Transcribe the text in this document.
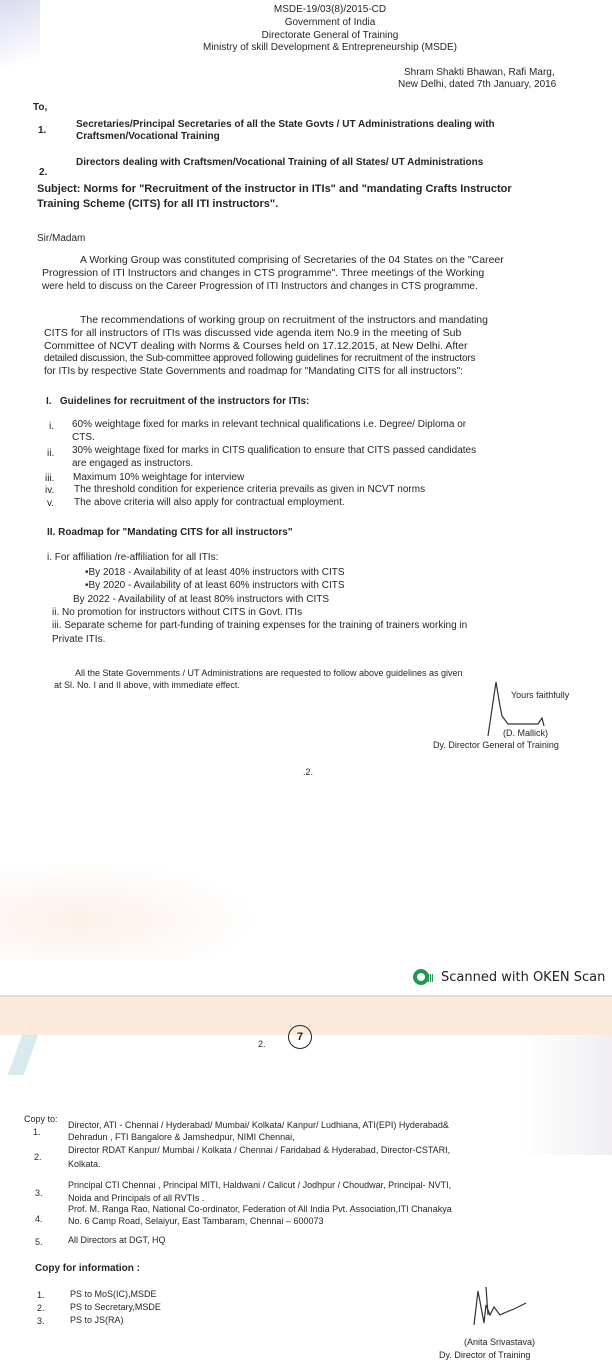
MSDE-19/03(8)/2015-CD
Government of India
Directorate General of Training
Ministry of skill Development & Entrepreneurship (MSDE)
Shram Shakti Bhawan, Rafi Marg,
New Delhi, dated 7th January, 2016
To,
1.
Secretaries/Principal Secretaries of all the State Govts / UT Administrations dealing with
Craftsmen/Vocational Training
2.
Directors dealing with Craftsmen/Vocational Training of all States/ UT Administrations
Subject: Norms for "Recruitment of the instructor in ITIs" and "mandating Crafts Instructor
Training Scheme (CITS) for all ITI instructors".
Sir/Madam
A Working Group was constituted comprising of Secretaries of the 04 States on the "Career
Progression of ITI Instructors and changes in CTS programme". Three meetings of the Working
were held to discuss on the Career Progression of ITI Instructors and changes in CTS programme.
The recommendations of working group on recruitment of the instructors and mandating
CITS for all instructors of ITIs was discussed vide agenda item No.9 in the meeting of Sub
Committee of NCVT dealing with Norms & Courses held on 17.12.2015, at New Delhi. After
detailed discussion, the Sub-committee approved following guidelines for recruitment of the instructors
for ITIs by respective State Governments and roadmap for "Mandating CITS for all instructors":
I.   Guidelines for recruitment of the instructors for ITIs:
i. 60% weightage fixed for marks in relevant technical qualifications i.e. Degree/ Diploma or
CTS.
ii. 30% weightage fixed for marks in CITS qualification to ensure that CITS passed candidates
are engaged as instructors.
iii. Maximum 10% weightage for interview
iv. The threshold condition for experience criteria prevails as given in NCVT norms
v. The above criteria will also apply for contractual employment.
II. Roadmap for "Mandating CITS for all instructors"
i. For affiliation /re-affiliation for all ITIs:
•By 2018 - Availability of at least 40% instructors with CITS
•By 2020 - Availability of at least 60% instructors with CITS
By 2022 - Availability of at least 80% instructors with CITS
ii. No promotion for instructors without CITS in Govt. ITIs
iii. Separate scheme for part-funding of training expenses for the training of trainers working in
Private ITIs.
All the State Governments / UT Administrations are requested to follow above guidelines as given
at Sl. No. I and II above, with immediate effect.
Yours faithfully
(D. Mallick)
Dy. Director General of Training
.2.
Scanned with OKEN Scan
2.
7
Copy to:
1.
Director, ATI - Chennai / Hyderabad/ Mumbai/ Kolkata/ Kanpur/ Ludhiana, ATI(EPI) Hyderabad&
Dehradun , FTI Bangalore & Jamshedpur, NIMI Chennai,
2.
Director RDAT Kanpur/ Mumbai / Kolkata / Chennai / Faridabad & Hyderabad, Director-CSTARI,
Kolkata.
3.
Principal CTI Chennai , Principal MITI, Haldwani / Calicut / Jodhpur / Choudwar, Principal- NVTI,
Noida and Principals of all RVTIs .
4.
Prof. M. Ranga Rao, National Co-ordinator, Federation of All India Pvt. Association,ITI Chanakya
No. 6 Camp Road, Selaiyur, East Tambaram, Chennai – 600073
5.	All Directors at DGT, HQ
Copy for information :
1.	PS to MoS(IC),MSDE
2.	PS to Secretary,MSDE
3.	PS to JS(RA)
(Anita Srivastava)
Dy. Director of Training
